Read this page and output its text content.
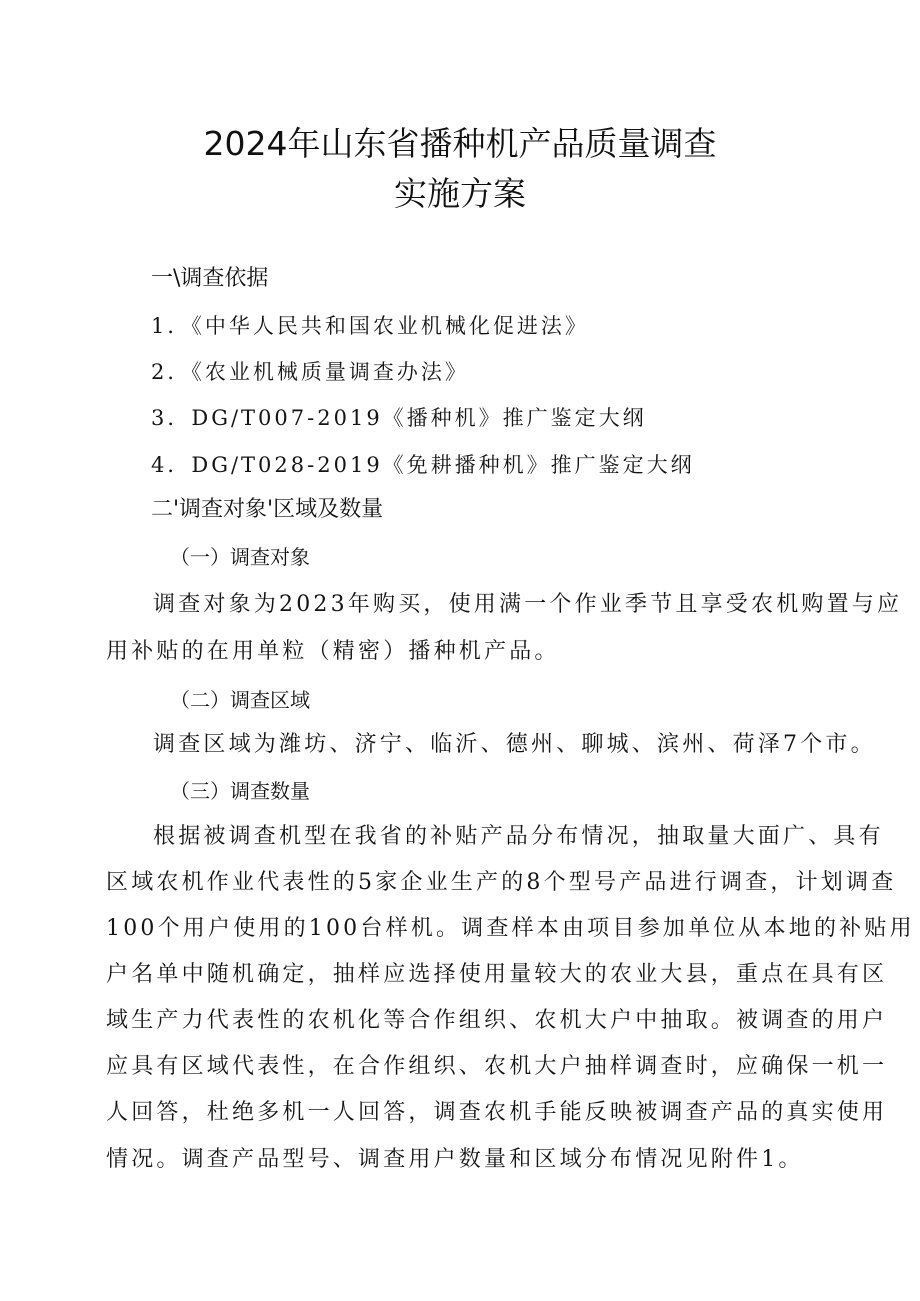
2024年山东省播种机产品质量调查
实施方案

一\调查依据

1．《中华人民共和国农业机械化促进法》

2．《农业机械质量调查办法》

3．DG/T007-2019《播种机》推广鉴定大纲

4．DG/T028-2019《免耕播种机》推广鉴定大纲

二'调查对象'区域及数量

（一）调查对象

调查对象为2023年购买，使用满一个作业季节且享受农机购置与应

用补贴的在用单粒（精密）播种机产品。

（二）调查区域

调查区域为潍坊、济宁、临沂、德州、聊城、滨州、荷泽7个市。

（三）调查数量

根据被调查机型在我省的补贴产品分布情况，抽取量大面广、具有

区域农机作业代表性的5家企业生产的8个型号产品进行调查，计划调查

100个用户使用的100台样机。调查样本由项目参加单位从本地的补贴用

户名单中随机确定，抽样应选择使用量较大的农业大县，重点在具有区

域生产力代表性的农机化等合作组织、农机大户中抽取。被调查的用户

应具有区域代表性，在合作组织、农机大户抽样调查时，应确保一机一

人回答，杜绝多机一人回答，调查农机手能反映被调查产品的真实使用

情况。调查产品型号、调查用户数量和区域分布情况见附件1。
